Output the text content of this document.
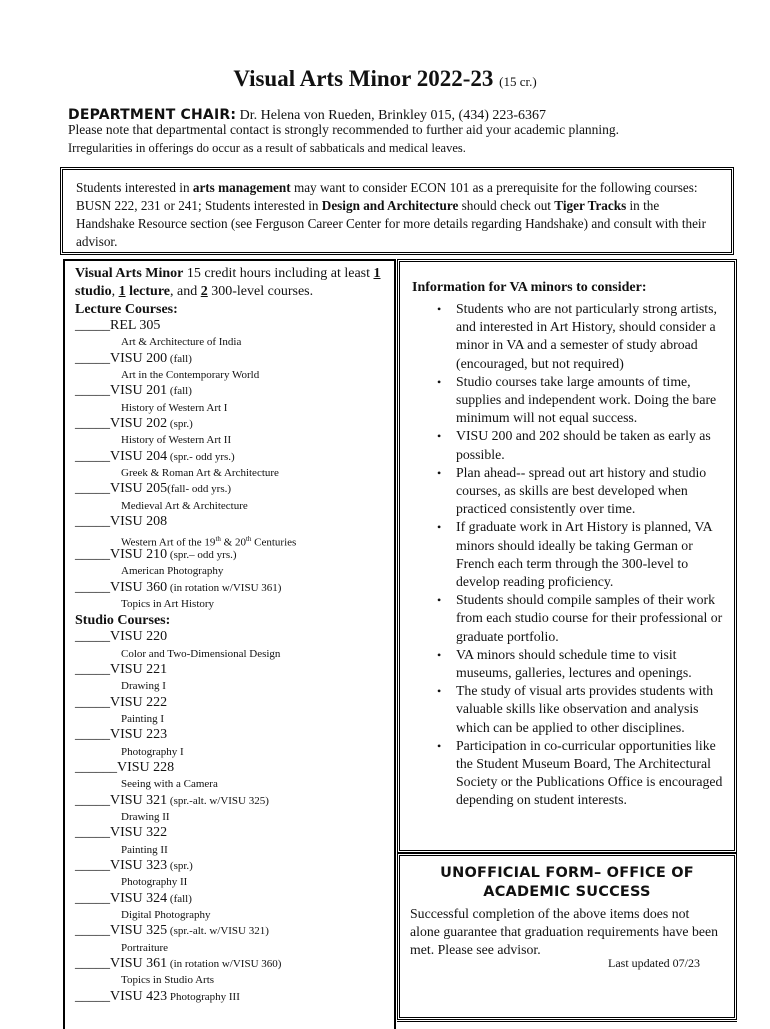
Visual Arts Minor 2022-23 (15 cr.)
DEPARTMENT CHAIR: Dr. Helena von Rueden, Brinkley 015, (434) 223-6367
Please note that departmental contact is strongly recommended to further aid your academic planning.
Irregularities in offerings do occur as a result of sabbaticals and medical leaves.

Students interested in arts management may want to consider ECON 101 as a prerequisite for the following courses: BUSN 222, 231 or 241; Students interested in Design and Architecture should check out Tiger Tracks in the Handshake Resource section (see Ferguson Career Center for more details regarding Handshake) and consult with their advisor.

Visual Arts Minor 15 credit hours including at least 1 studio, 1 lecture, and 2 300-level courses.
Lecture Courses:
_____REL 305
Art & Architecture of India
_____VISU 200 (fall)
Art in the Contemporary World
_____VISU 201 (fall)
History of Western Art I
_____VISU 202 (spr.)
History of Western Art II
_____VISU 204 (spr.- odd yrs.)
Greek & Roman Art & Architecture
_____VISU 205(fall- odd yrs.)
Medieval Art & Architecture
_____VISU 208
Western Art of the 19th & 20th Centuries
_____VISU 210 (spr.– odd yrs.)
American Photography
_____VISU 360 (in rotation w/VISU 361)
Topics in Art History
Studio Courses:
_____VISU 220
Color and Two-Dimensional Design
_____VISU 221
Drawing I
_____VISU 222
Painting I
_____VISU 223
Photography I
______VISU 228
Seeing with a Camera
_____VISU 321 (spr.-alt. w/VISU 325)
Drawing II
_____VISU 322
Painting II
_____VISU 323 (spr.)
Photography II
_____VISU 324 (fall)
Digital Photography
_____VISU 325 (spr.-alt. w/VISU 321)
Portraiture
_____VISU 361 (in rotation w/VISU 360)
Topics in Studio Arts
_____VISU 423 Photography III
Information for VA minors to consider:
• Students who are not particularly strong artists, and interested in Art History, should consider a minor in VA and a semester of study abroad (encouraged, but not required)
• Studio courses take large amounts of time, supplies and independent work. Doing the bare minimum will not equal success.
• VISU 200 and 202 should be taken as early as possible.
• Plan ahead-- spread out art history and studio courses, as skills are best developed when practiced consistently over time.
• If graduate work in Art History is planned, VA minors should ideally be taking German or French each term through the 300-level to develop reading proficiency.
• Students should compile samples of their work from each studio course for their professional or graduate portfolio.
• VA minors should schedule time to visit museums, galleries, lectures and openings.
• The study of visual arts provides students with valuable skills like observation and analysis which can be applied to other disciplines.
• Participation in co-curricular opportunities like the Student Museum Board, The Architectural Society or the Publications Office is encouraged depending on student interests.
UNOFFICIAL FORM– OFFICE OF
ACADEMIC SUCCESS

Successful completion of the above items does not alone guarantee that graduation requirements have been met. Please see advisor.

Last updated 07/23
